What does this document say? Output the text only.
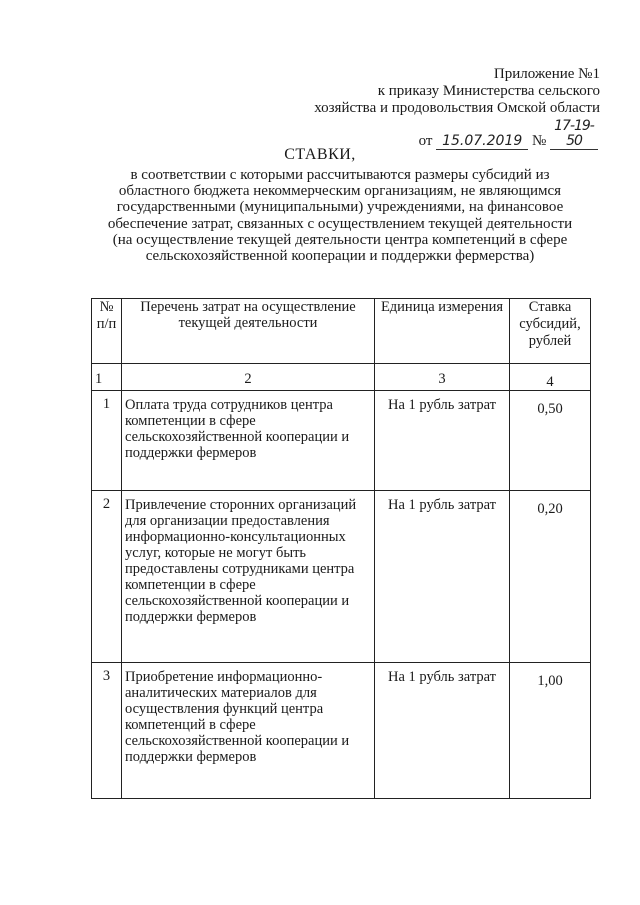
Приложение №1
к приказу Министерства сельского
хозяйства и продовольствия Омской области
от 15.07.2019 № 17-19-50
СТАВКИ,
в соответствии с которыми рассчитываются размеры субсидий из областного бюджета некоммерческим организациям, не являющимся государственными (муниципальными) учреждениями, на финансовое обеспечение затрат, связанных с осуществлением текущей деятельности (на осуществление текущей деятельности центра компетенций в сфере сельскохозяйственной кооперации и поддержки фермерства)
№ п/п	Перечень затрат на осуществление текущей деятельности	Единица измерения	Ставка субсидий, рублей
1	2	3	4
1	Оплата труда сотрудников центра компетенции в сфере сельскохозяйственной кооперации и поддержки фермеров	На 1 рубль затрат	0,50
2	Привлечение сторонних организаций для организации предоставления информационно-консультационных услуг, которые не могут быть предоставлены сотрудниками центра компетенции в сфере сельскохозяйственной кооперации и поддержки фермеров	На 1 рубль затрат	0,20
3	Приобретение информационно-аналитических материалов для осуществления функций центра компетенций в сфере сельскохозяйственной кооперации и поддержки фермеров	На 1 рубль затрат	1,00
